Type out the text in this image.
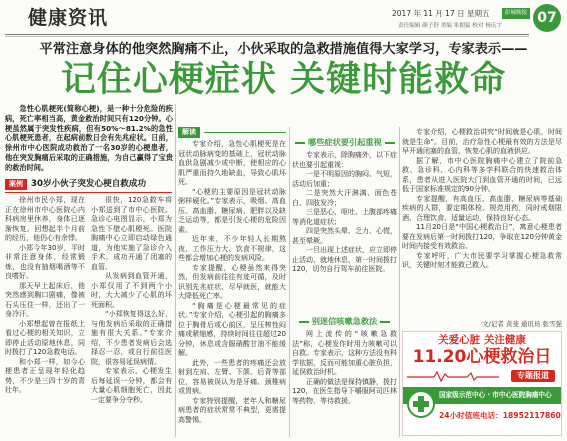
健康资讯	2017 年 11 月 17 日 星期五	彭城晚报
责任编辑 颜子舒 美编 朱拥猛 校对 杨庆宇	07
平常注意身体的他突然胸痛不止，小伙采取的急救措施值得大家学习，专家表示——
记住心梗症状 关键时能救命
急性心肌梗死(简称心梗)，是一种十分危险的疾病，死亡率相当高，黄金救治时间只有120分钟。心梗虽然属于突发性疾病，但有50%～81.2%的急性心肌梗死患者，在起病前数日会有先兆症状。日前，徐州市中心医院成功救治了一名30岁的心梗患者，他在突发胸痛后采取的正确措施，为自己赢得了宝贵的救治时间。
案例 30岁小伙子突发心梗自救成功

徐州市民小郑，现在正在徐州市中心医院心内科病房里休养，身体已逐渐恢复。回想起半个月前的经历，他仍心有余悸。

小郑今年30岁，平时非常注意身体，经常锻炼，也没有抽烟喝酒等不良嗜好。

那天早上起床后，他突然感到胸口剧痛，像被石头压住一样，还出了一身冷汗。

小郑想起曾在报纸上看过心梗的相关知识，立即停止活动原地休息，同时拨打了120急救电话。

和小郑一样，如今心梗患者正呈现年轻化趋势，不少是三四十岁的青壮年。

很快，120急救车将小郑送到了市中心医院。急诊心电图显示，小郑为急性下壁心肌梗死。医院胸痛中心立即启动绿色通道，为他实施了急诊介入手术，成功开通了闭塞的血管。

从发病到血管开通，小郑仅用了不到两个小时，大大减少了心肌的坏死面积。

“小郑恢复得这么好，与他发病后采取的正确措施有很大关系。”专家介绍，不少患者发病后会选择忍一忍，或自行前往医院，很容易延误病情。

专家表示，心梗发生后每延误一分钟，都会有大量心肌细胞死亡，因此一定要争分夺秒。

解读

专家介绍，急性心肌梗死是在冠状动脉病变的基础上，冠状动脉血供急剧减少或中断，使相应的心肌严重而持久地缺血，导致心肌坏死。

“心梗的主要原因是冠状动脉粥样硬化。”专家表示，吸烟、高血压、高血脂、糖尿病、肥胖以及缺乏运动等，都是引发心梗的危险因素。

近年来，不少年轻人长期熬夜、工作压力大、饮食不规律，这些都会增加心梗的发病风险。

专家提醒，心梗虽然来得突然，但发病前往往有迹可循，及时识别先兆症状、尽早就医，就能大大降低死亡率。

“胸痛是心梗最常见的症状。”专家介绍，心梗引起的胸痛多位于胸骨后或心前区，呈压榨性闷痛或紧缩感，持续时间往往超过20分钟，休息或含服硝酸甘油不能缓解。

此外，一些患者的疼痛还会放射到左肩、左臂、下颌、后背等部位，容易被误认为是牙痛、颈椎病或胃病。

专家特别提醒，老年人和糖尿病患者的症状常常不典型，更需提高警惕。

哪些症状要引起重视

专家表示，除胸痛外，以下症状也要引起重视：

一是不明原因的胸闷、气短，活动后加重；

二是突然大汗淋漓、面色苍白、四肢发冷；

三是恶心、呕吐、上腹部疼痛等消化道症状；

四是突然头晕、乏力、心慌，甚至晕厥。

一旦出现上述症状，应立即停止活动、就地休息，第一时间拨打120，切勿自行驾车前往医院。

别迷信咳嗽急救法

网上流传的“咳嗽急救法”称，心梗发作时用力咳嗽可以自救。专家表示，这种方法没有科学依据，反而可能加重心脏负担，延误救治时机。

正确的做法是保持镇静，拨打120，在医生指导下嚼服阿司匹林等药物，等待救援。

专家介绍，心梗救治讲究“时间就是心肌，时间就是生命”。目前，治疗急性心梗最有效的方法是尽早开通闭塞的血管，恢复心肌的血液供应。

据了解，市中心医院胸痛中心建立了院前急救、急诊科、心内科等多学科联合的快速救治体系，患者从进入医院大门到血管开通的时间，已远低于国家标准规定的90分钟。

专家提醒，有高血压、高血脂、糖尿病等基础疾病的人群，要定期体检、规范用药，同时戒烟限酒、合理饮食、适量运动，保持良好心态。

11月20日是“中国心梗救治日”，寓意心梗患者要在发病后第一时间拨打120，争取在120分钟黄金时间内接受有效救治。

专家呼吁，广大市民要学习掌握心梗急救常识，关键时刻才能救己救人。

文/记者 黄斐 通讯员 张雪强
关爱心脏 关注健康
11.20心梗救治日
专题报道
国家级示范中心 · 市中心医院胸痛中心
24小时值班电话：18952117860
